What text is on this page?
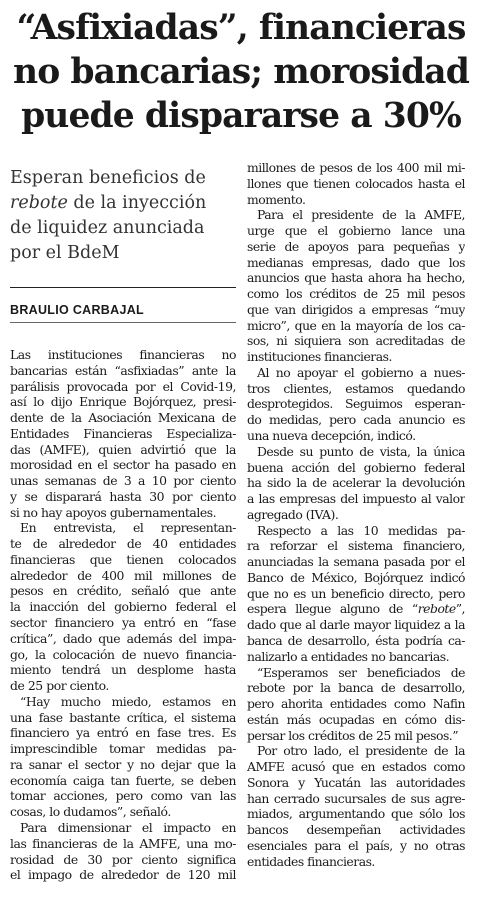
“Asfixiadas”, financieras
no bancarias; morosidad
puede dispararse a 30%
Esperan beneficios de
rebote de la inyección
de liquidez anunciada
por el BdeM
BRAULIO CARBAJAL
Las instituciones financieras no
bancarias están “asfixiadas” ante la
parálisis provocada por el Covid-19,
así lo dijo Enrique Bojórquez, presi-
dente de la Asociación Mexicana de
Entidades Financieras Especializa-
das (AMFE), quien advirtió que la
morosidad en el sector ha pasado en
unas semanas de 3 a 10 por ciento
y se disparará hasta 30 por ciento
si no hay apoyos gubernamentales.
En entrevista, el representan-
te de alrededor de 40 entidades
financieras que tienen colocados
alrededor de 400 mil millones de
pesos en crédito, señaló que ante
la inacción del gobierno federal el
sector financiero ya entró en “fase
crítica”, dado que además del impa-
go, la colocación de nuevo financia-
miento tendrá un desplome hasta
de 25 por ciento.
“Hay mucho miedo, estamos en
una fase bastante crítica, el sistema
financiero ya entró en fase tres. Es
imprescindible tomar medidas pa-
ra sanar el sector y no dejar que la
economía caiga tan fuerte, se deben
tomar acciones, pero como van las
cosas, lo dudamos”, señaló.
Para dimensionar el impacto en
las financieras de la AMFE, una mo-
rosidad de 30 por ciento significa
el impago de alrededor de 120 mil
millones de pesos de los 400 mil mi-
llones que tienen colocados hasta el
momento.
Para el presidente de la AMFE,
urge que el gobierno lance una
serie de apoyos para pequeñas y
medianas empresas, dado que los
anuncios que hasta ahora ha hecho,
como los créditos de 25 mil pesos
que van dirigidos a empresas “muy
micro”, que en la mayoría de los ca-
sos, ni siquiera son acreditadas de
instituciones financieras.
Al no apoyar el gobierno a nues-
tros clientes, estamos quedando
desprotegidos. Seguimos esperan-
do medidas, pero cada anuncio es
una nueva decepción, indicó.
Desde su punto de vista, la única
buena acción del gobierno federal
ha sido la de acelerar la devolución
a las empresas del impuesto al valor
agregado (IVA).
Respecto a las 10 medidas pa-
ra reforzar el sistema financiero,
anunciadas la semana pasada por el
Banco de México, Bojórquez indicó
que no es un beneficio directo, pero
espera llegue alguno de “rebote”,
dado que al darle mayor liquidez a la
banca de desarrollo, ésta podría ca-
nalizarlo a entidades no bancarias.
“Esperamos ser beneficiados de
rebote por la banca de desarrollo,
pero ahorita entidades como Nafin
están más ocupadas en cómo dis-
persar los créditos de 25 mil pesos.”
Por otro lado, el presidente de la
AMFE acusó que en estados como
Sonora y Yucatán las autoridades
han cerrado sucursales de sus agre-
miados, argumentando que sólo los
bancos desempeñan actividades
esenciales para el país, y no otras
entidades financieras.
